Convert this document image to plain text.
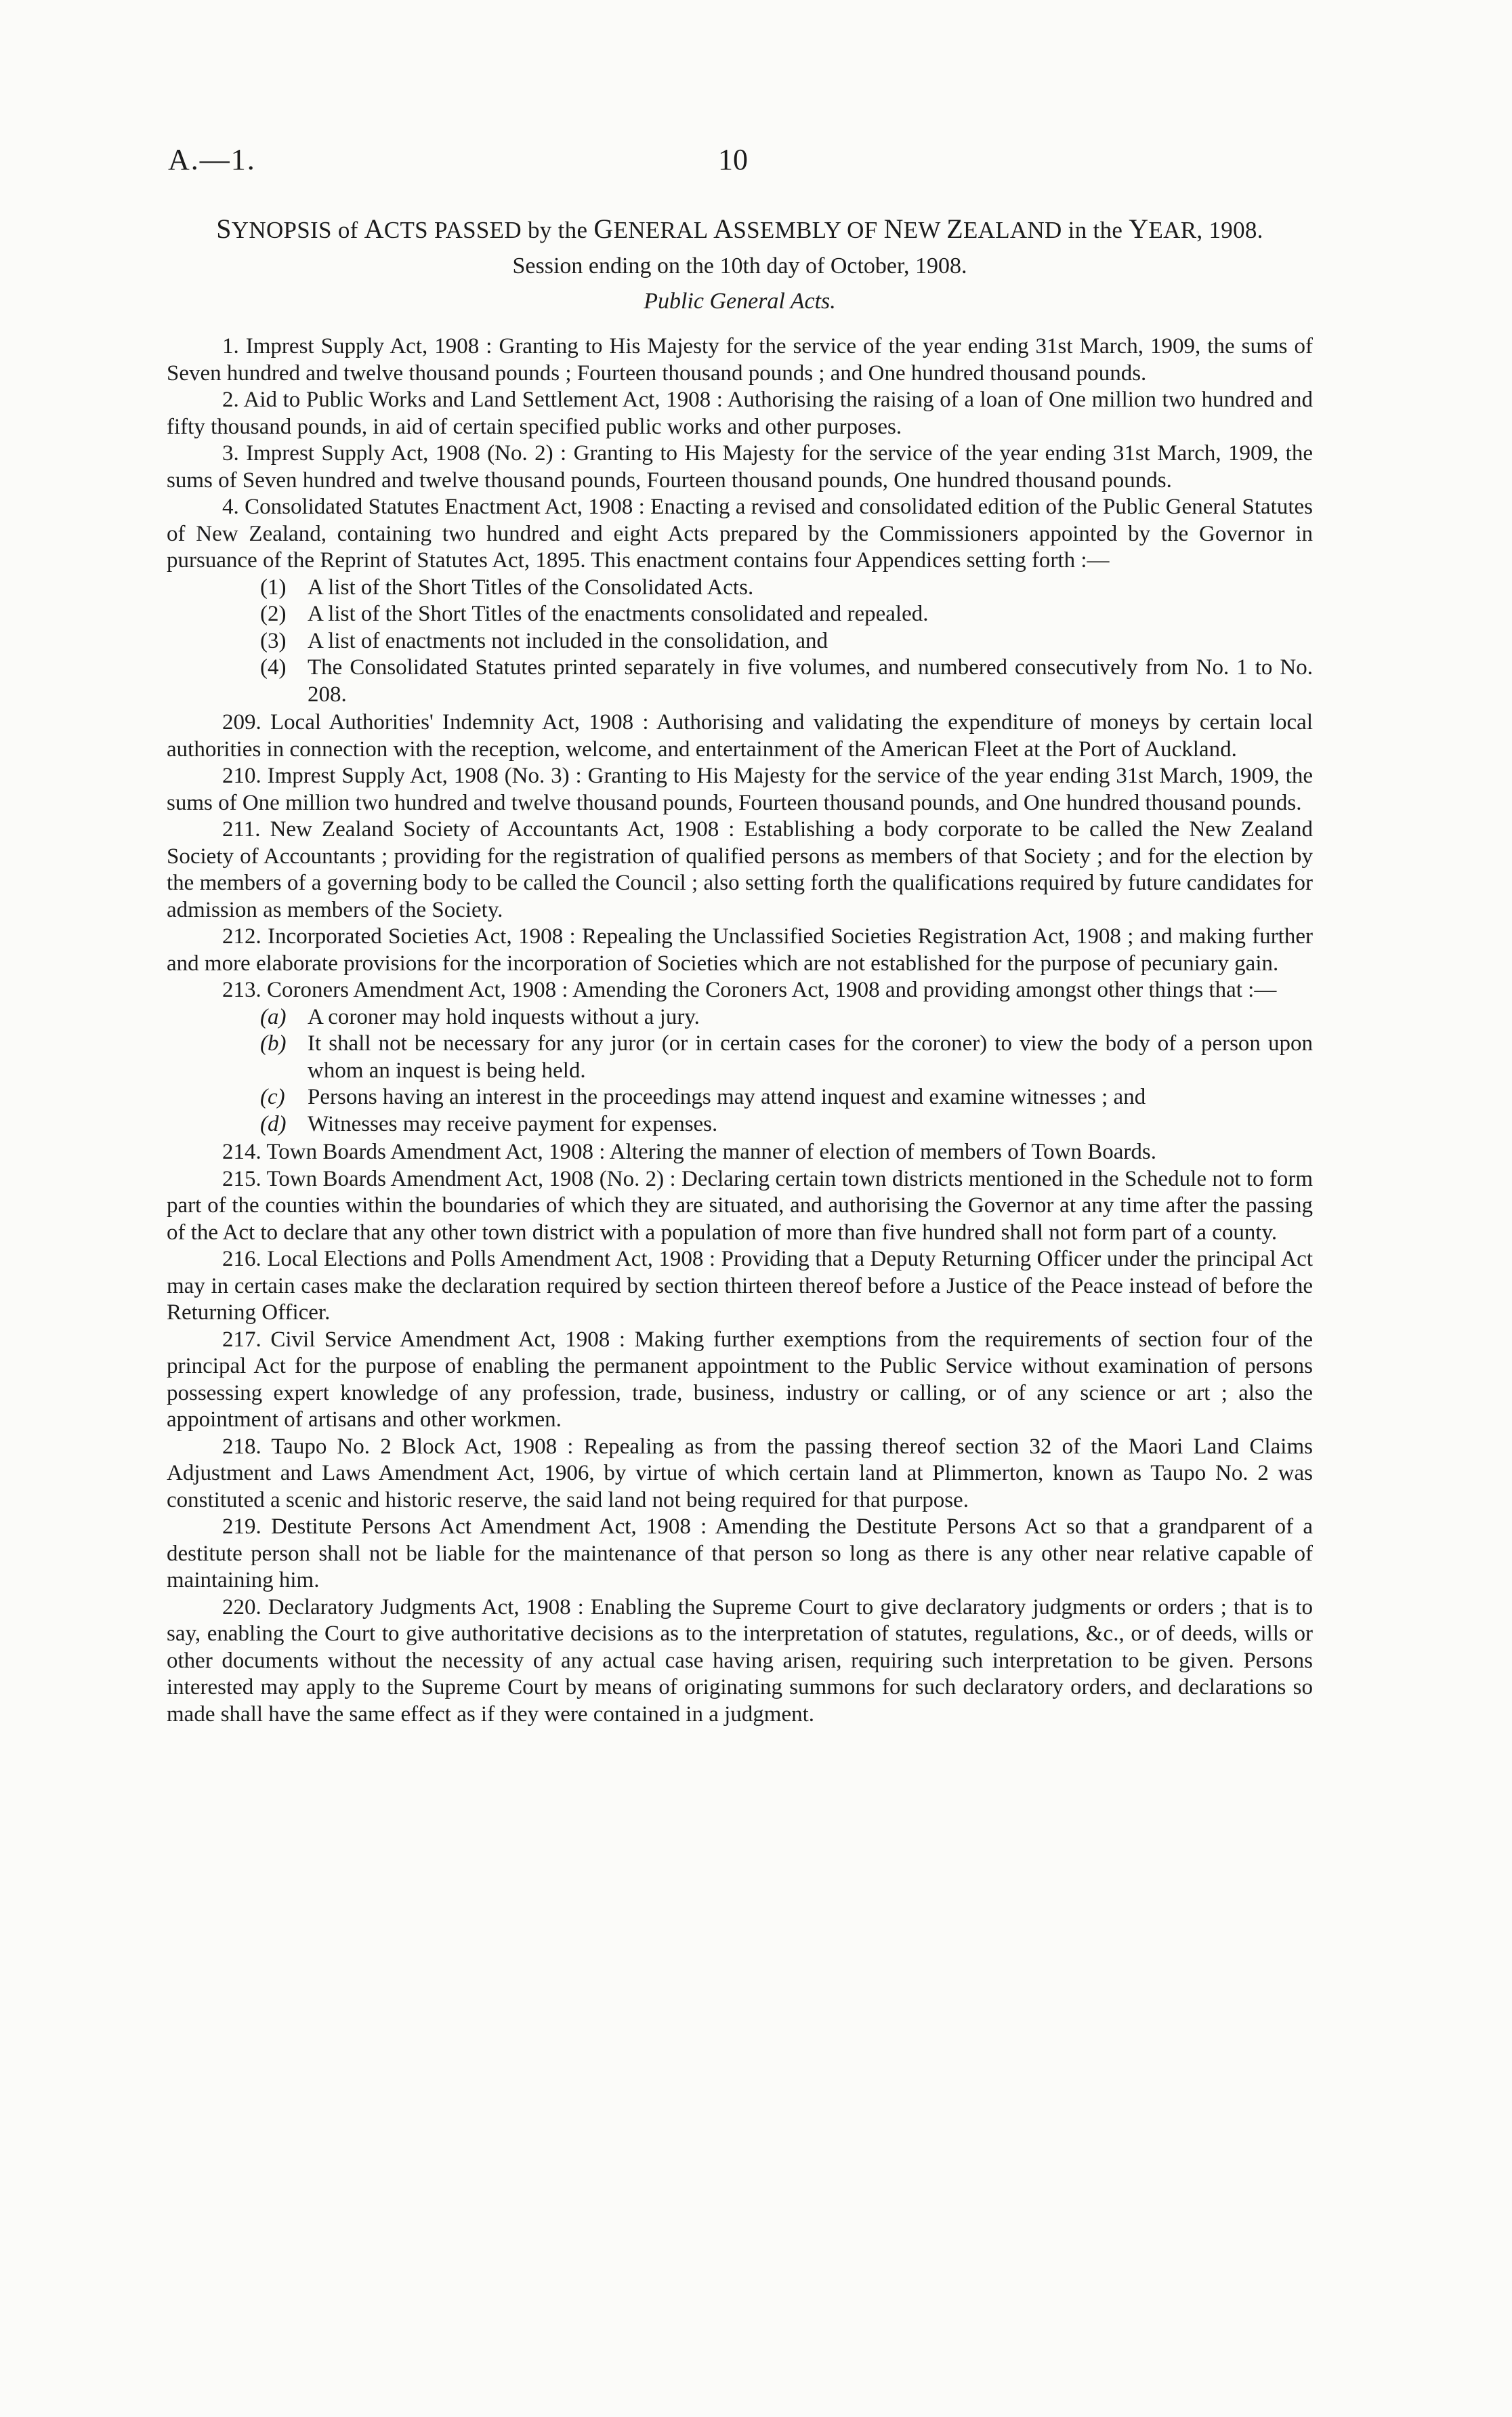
A.—1.	10
SYNOPSIS of ACTS PASSED by the GENERAL ASSEMBLY OF NEW ZEALAND in the YEAR, 1908.
Session ending on the 10th day of October, 1908.
Public General Acts.

1. Imprest Supply Act, 1908 : Granting to His Majesty for the service of the year ending 31st March, 1909, the sums of Seven hundred and twelve thousand pounds ; Fourteen thousand pounds ; and One hundred thousand pounds.

2. Aid to Public Works and Land Settlement Act, 1908 : Authorising the raising of a loan of One million two hundred and fifty thousand pounds, in aid of certain specified public works and other purposes.

3. Imprest Supply Act, 1908 (No. 2) : Granting to His Majesty for the service of the year ending 31st March, 1909, the sums of Seven hundred and twelve thousand pounds, Fourteen thousand pounds, One hundred thousand pounds.

4. Consolidated Statutes Enactment Act, 1908 : Enacting a revised and consolidated edition of the Public General Statutes of New Zealand, containing two hundred and eight Acts prepared by the Commissioners appointed by the Governor in pursuance of the Reprint of Statutes Act, 1895. This enactment contains four Appendices setting forth :—

(1) A list of the Short Titles of the Consolidated Acts.
(2) A list of the Short Titles of the enactments consolidated and repealed.
(3) A list of enactments not included in the consolidation, and
(4) The Consolidated Statutes printed separately in five volumes, and numbered consecutively from No. 1 to No. 208.

209. Local Authorities' Indemnity Act, 1908 : Authorising and validating the expenditure of moneys by certain local authorities in connection with the reception, welcome, and entertainment of the American Fleet at the Port of Auckland.

210. Imprest Supply Act, 1908 (No. 3) : Granting to His Majesty for the service of the year ending 31st March, 1909, the sums of One million two hundred and twelve thousand pounds, Fourteen thousand pounds, and One hundred thousand pounds.

211. New Zealand Society of Accountants Act, 1908 : Establishing a body corporate to be called the New Zealand Society of Accountants ; providing for the registration of qualified persons as members of that Society ; and for the election by the members of a governing body to be called the Council ; also setting forth the qualifications required by future candidates for admission as members of the Society.

212. Incorporated Societies Act, 1908 : Repealing the Unclassified Societies Registration Act, 1908 ; and making further and more elaborate provisions for the incorporation of Societies which are not established for the purpose of pecuniary gain.

213. Coroners Amendment Act, 1908 : Amending the Coroners Act, 1908 and providing amongst other things that :—

(a) A coroner may hold inquests without a jury.
(b) It shall not be necessary for any juror (or in certain cases for the coroner) to view the body of a person upon whom an inquest is being held.
(c) Persons having an interest in the proceedings may attend inquest and examine witnesses ; and
(d) Witnesses may receive payment for expenses.

214. Town Boards Amendment Act, 1908 : Altering the manner of election of members of Town Boards.

215. Town Boards Amendment Act, 1908 (No. 2) : Declaring certain town districts mentioned in the Schedule not to form part of the counties within the boundaries of which they are situated, and authorising the Governor at any time after the passing of the Act to declare that any other town district with a population of more than five hundred shall not form part of a county.

216. Local Elections and Polls Amendment Act, 1908 : Providing that a Deputy Returning Officer under the principal Act may in certain cases make the declaration required by section thirteen thereof before a Justice of the Peace instead of before the Returning Officer.

217. Civil Service Amendment Act, 1908 : Making further exemptions from the requirements of section four of the principal Act for the purpose of enabling the permanent appointment to the Public Service without examination of persons possessing expert knowledge of any profession, trade, business, industry or calling, or of any science or art ; also the appointment of artisans and other workmen.

218. Taupo No. 2 Block Act, 1908 : Repealing as from the passing thereof section 32 of the Maori Land Claims Adjustment and Laws Amendment Act, 1906, by virtue of which certain land at Plimmerton, known as Taupo No. 2 was constituted a scenic and historic reserve, the said land not being required for that purpose.

219. Destitute Persons Act Amendment Act, 1908 : Amending the Destitute Persons Act so that a grandparent of a destitute person shall not be liable for the maintenance of that person so long as there is any other near relative capable of maintaining him.

220. Declaratory Judgments Act, 1908 : Enabling the Supreme Court to give declaratory judgments or orders ; that is to say, enabling the Court to give authoritative decisions as to the interpretation of statutes, regulations, &c., or of deeds, wills or other documents without the necessity of any actual case having arisen, requiring such interpretation to be given. Persons interested may apply to the Supreme Court by means of originating summons for such declaratory orders, and declarations so made shall have the same effect as if they were contained in a judgment.
